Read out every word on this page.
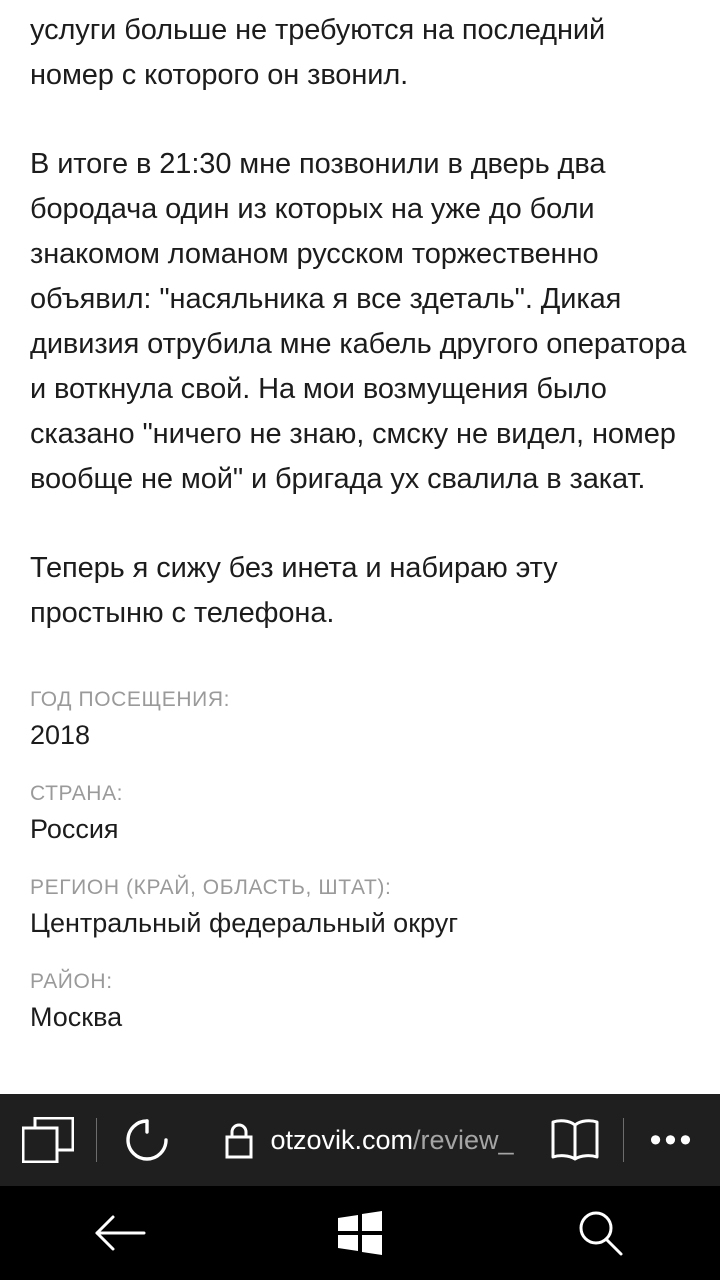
услуги больше не требуются на последний номер с которого он звонил.

В итоге в 21:30 мне позвонили в дверь два бородача один из которых на уже до боли знакомом ломаном русском торжественно объявил: "насяльника я все здеталь". Дикая дивизия отрубила мне кабель другого оператора и воткнула свой. На мои возмущения было сказано "ничего не знаю, смску не видел, номер вообще не мой" и бригада ух свалила в закат.

Теперь я сижу без инета и набираю эту простыню с телефона.

ГОД ПОСЕЩЕНИЯ:
2018
СТРАНА:
Россия
РЕГИОН (КРАЙ, ОБЛАСТЬ, ШТАТ):
Центральный федеральный округ
РАЙОН:
Москва
otzovik.com/review_	•••
